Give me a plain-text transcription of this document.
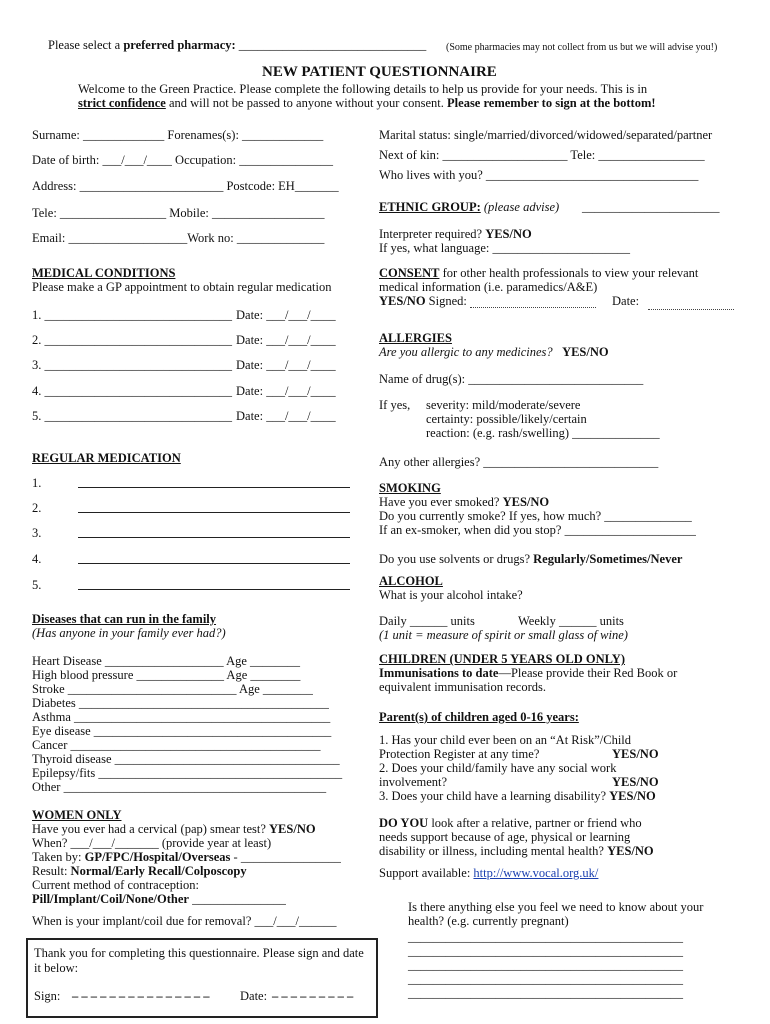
Please select a preferred pharmacy: ______________________________ (Some pharmacies may not collect from us but we will advise you!)
NEW PATIENT QUESTIONNAIRE
Welcome to the Green Practice. Please complete the following details to help us provide for your needs. This is in
strict confidence and will not be passed to anyone without your consent. Please remember to sign at the bottom!
Surname: _____________ Forenames(s): _____________
Date of birth: ___/___/____ Occupation: _______________
Address: _______________________ Postcode: EH_______
Tele: _________________ Mobile: __________________
Email: ___________________Work no: ______________
MEDICAL CONDITIONS
Please make a GP appointment to obtain regular medication
1. ______________________________ Date: ___/___/____
2. ______________________________ Date: ___/___/____
3. ______________________________ Date: ___/___/____
4. ______________________________ Date: ___/___/____
5. ______________________________ Date: ___/___/____
REGULAR MEDICATION
1.
2.
3.
4.
5.
Diseases that can run in the family
(Has anyone in your family ever had?)
Heart Disease ___________________ Age ________
High blood pressure ______________ Age ________
Stroke ___________________________ Age ________
Diabetes ________________________________________
Asthma _________________________________________
Eye disease ______________________________________
Cancer ________________________________________
Thyroid disease ____________________________________
Epilepsy/fits _______________________________________
Other __________________________________________
WOMEN ONLY
Have you ever had a cervical (pap) smear test? YES/NO
When? ___/___/_______ (provide year at least)
Taken by: GP/FPC/Hospital/Overseas - ________________
Result: Normal/Early Recall/Colposcopy
Current method of contraception:
Pill/Implant/Coil/None/Other _______________
When is your implant/coil due for removal? ___/___/______
Thank you for completing this questionnaire. Please sign and date it below:
Sign: – – – – – – – – – – – – – – – Date: – – – – – – – – –
Marital status: single/married/divorced/widowed/separated/partner
Next of kin: ____________________ Tele: _________________
Who lives with you? __________________________________
ETHNIC GROUP: (please advise) ______________________
Interpreter required? YES/NO
If yes, what language: ______________________
CONSENT for other health professionals to view your relevant
medical information (i.e. paramedics/A&E)
YES/NO Signed:	Date:
ALLERGIES
Are you allergic to any medicines? YES/NO
Name of drug(s): ____________________________
If yes, severity: mild/moderate/severe
certainty: possible/likely/certain
reaction: (e.g. rash/swelling) ______________
Any other allergies? ____________________________
SMOKING
Have you ever smoked? YES/NO
Do you currently smoke? If yes, how much? ______________
If an ex-smoker, when did you stop? _____________________
Do you use solvents or drugs? Regularly/Sometimes/Never
ALCOHOL
What is your alcohol intake?
Daily ______ units	Weekly ______ units
(1 unit = measure of spirit or small glass of wine)
CHILDREN (UNDER 5 YEARS OLD ONLY)
Immunisations to date—Please provide their Red Book or
equivalent immunisation records.
Parent(s) of children aged 0-16 years:
1. Has your child ever been on an “At Risk”/Child
Protection Register at any time?	YES/NO
2. Does your child/family have any social work
involvement?	YES/NO
3. Does your child have a learning disability? YES/NO
DO YOU look after a relative, partner or friend who
needs support because of age, physical or learning
disability or illness, including mental health? YES/NO
Support available: http://www.vocal.org.uk/
Is there anything else you feel we need to know about your
health? (e.g. currently pregnant)
____________________________________________
____________________________________________
____________________________________________
____________________________________________
____________________________________________
